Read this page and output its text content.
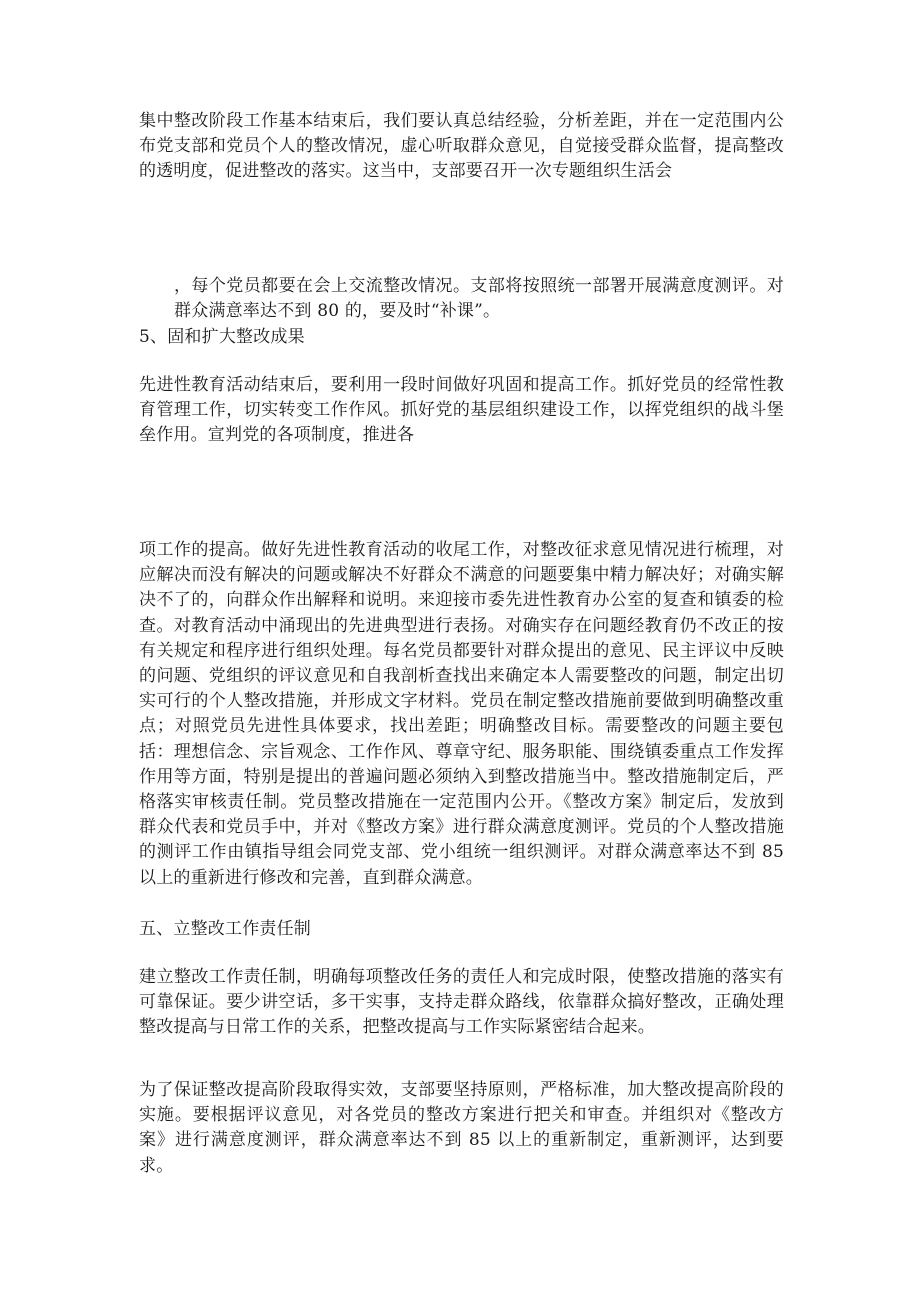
集中整改阶段工作基本结束后，我们要认真总结经验，分析差距，并在一定范围内公布党支部和党员个人的整改情况，虚心听取群众意见，自觉接受群众监督，提高整改的透明度，促进整改的落实。这当中，支部要召开一次专题组织生活会
，每个党员都要在会上交流整改情况。支部将按照统一部署开展满意度测评。对群众满意率达不到 80 的，要及时“补课”。
5、固和扩大整改成果
先进性教育活动结束后，要利用一段时间做好巩固和提高工作。抓好党员的经常性教育管理工作，切实转变工作作风。抓好党的基层组织建设工作，以挥党组织的战斗堡垒作用。宣判党的各项制度，推进各
项工作的提高。做好先进性教育活动的收尾工作，对整改征求意见情况进行梳理，对应解决而没有解决的问题或解决不好群众不满意的问题要集中精力解决好；对确实解决不了的，向群众作出解释和说明。来迎接市委先进性教育办公室的复查和镇委的检查。对教育活动中涌现出的先进典型进行表扬。对确实存在问题经教育仍不改正的按有关规定和程序进行组织处理。每名党员都要针对群众提出的意见、民主评议中反映的问题、党组织的评议意见和自我剖析查找出来确定本人需要整改的问题，制定出切实可行的个人整改措施，并形成文字材料。党员在制定整改措施前要做到明确整改重点；对照党员先进性具体要求，找出差距；明确整改目标。需要整改的问题主要包括：理想信念、宗旨观念、工作作风、尊章守纪、服务职能、围绕镇委重点工作发挥作用等方面，特别是提出的普遍问题必须纳入到整改措施当中。整改措施制定后，严格落实审核责任制。党员整改措施在一定范围内公开。《整改方案》制定后，发放到群众代表和党员手中，并对《整改方案》进行群众满意度测评。党员的个人整改措施的测评工作由镇指导组会同党支部、党小组统一组织测评。对群众满意率达不到 85 以上的重新进行修改和完善，直到群众满意。
五、立整改工作责任制
建立整改工作责任制，明确每项整改任务的责任人和完成时限，使整改措施的落实有可靠保证。要少讲空话，多干实事，支持走群众路线，依靠群众搞好整改，正确处理整改提高与日常工作的关系，把整改提高与工作实际紧密结合起来。
为了保证整改提高阶段取得实效，支部要坚持原则，严格标准，加大整改提高阶段的实施。要根据评议意见，对各党员的整改方案进行把关和审查。并组织对《整改方案》进行满意度测评，群众满意率达不到 85 以上的重新制定，重新测评，达到要求。
